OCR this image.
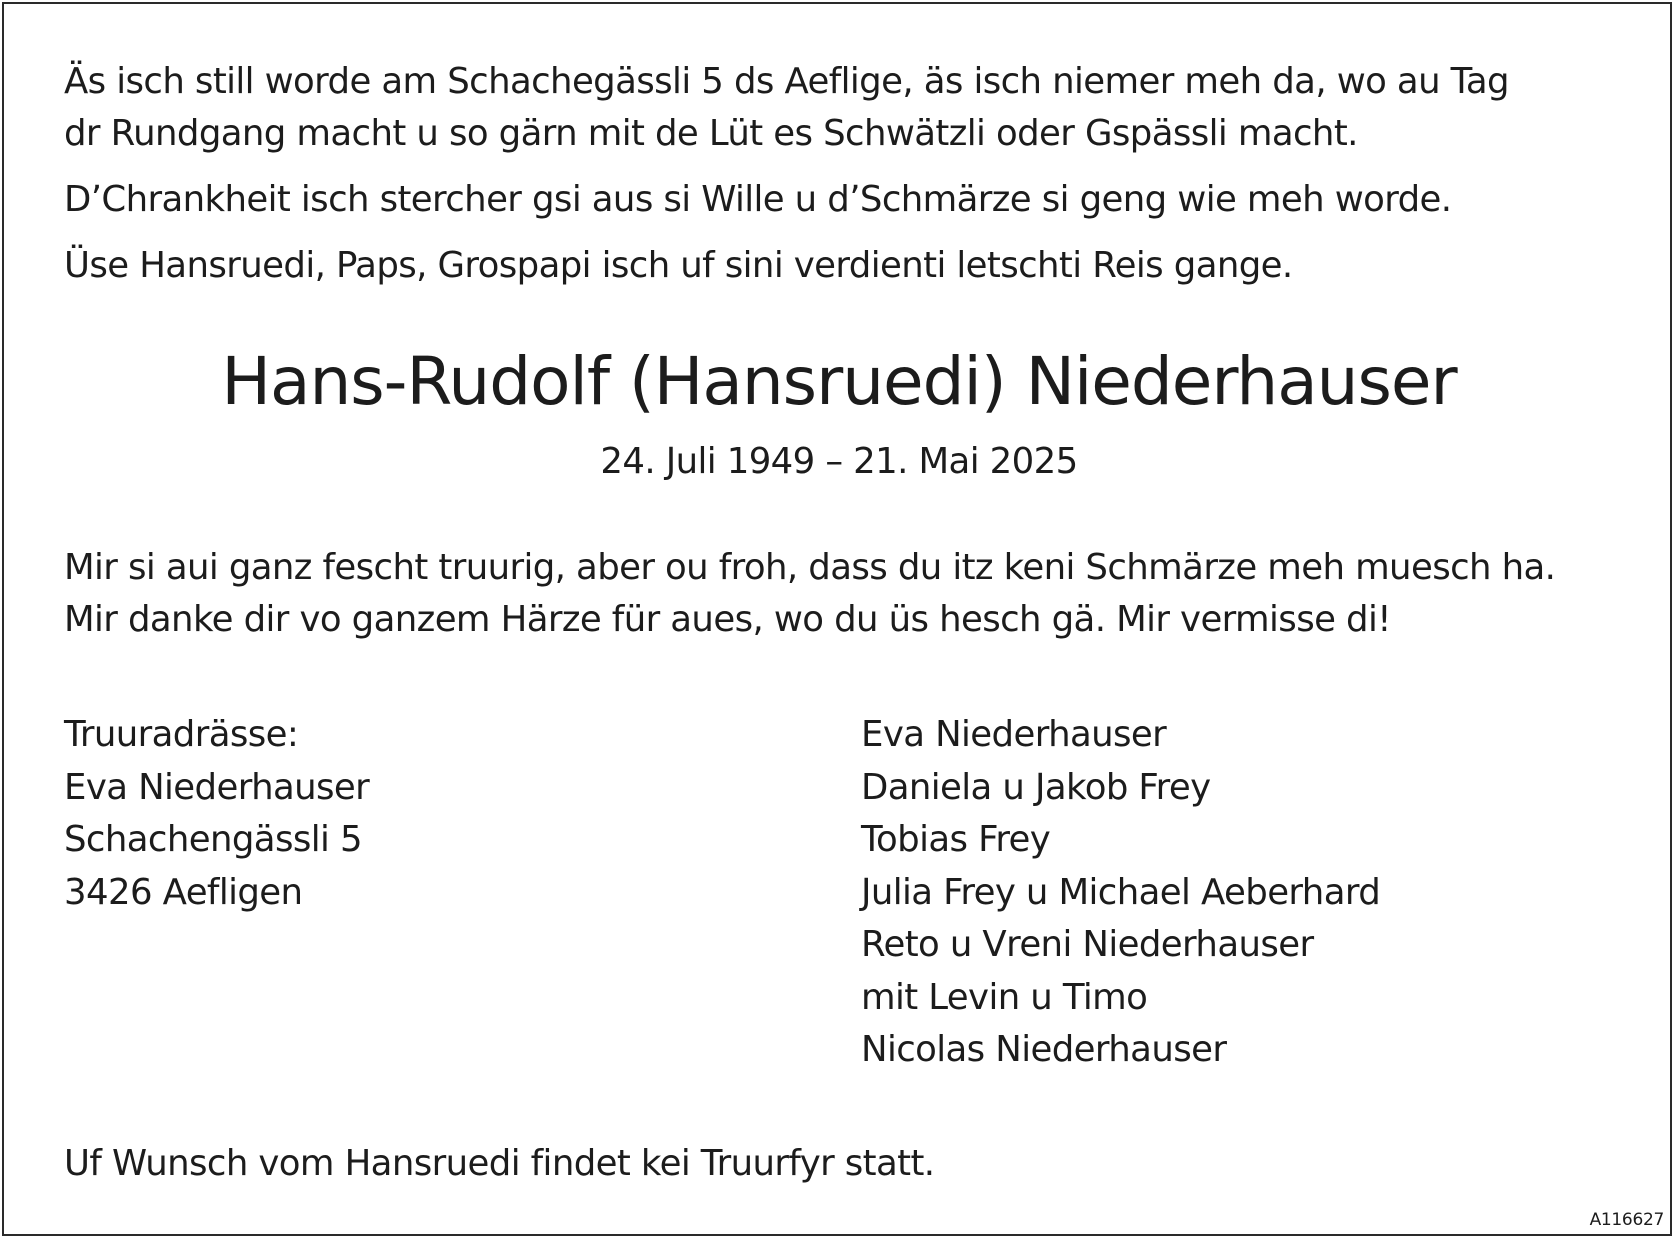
Äs isch still worde am Schachegässli 5 ds Aeflige, äs isch niemer meh da, wo au Tag
dr Rundgang macht u so gärn mit de Lüt es Schwätzli oder Gspässli macht.

D’Chrankheit isch stercher gsi aus si Wille u d’Schmärze si geng wie meh worde.

Üse Hansruedi, Paps, Grospapi isch uf sini verdienti letschti Reis gange.

Hans-Rudolf (Hansruedi) Niederhauser
24. Juli 1949 – 21. Mai 2025

Mir si aui ganz fescht truurig, aber ou froh, dass du itz keni Schmärze meh muesch ha.
Mir danke dir vo ganzem Härze für aues, wo du üs hesch gä. Mir vermisse di!

Truuradrässe:
Eva Niederhauser
Schachengässli 5
3426 Aefligen
Eva Niederhauser
Daniela u Jakob Frey
Tobias Frey
Julia Frey u Michael Aeberhard
Reto u Vreni Niederhauser
mit Levin u Timo
Nicolas Niederhauser

Uf Wunsch vom Hansruedi findet kei Truurfyr statt.

A116627
